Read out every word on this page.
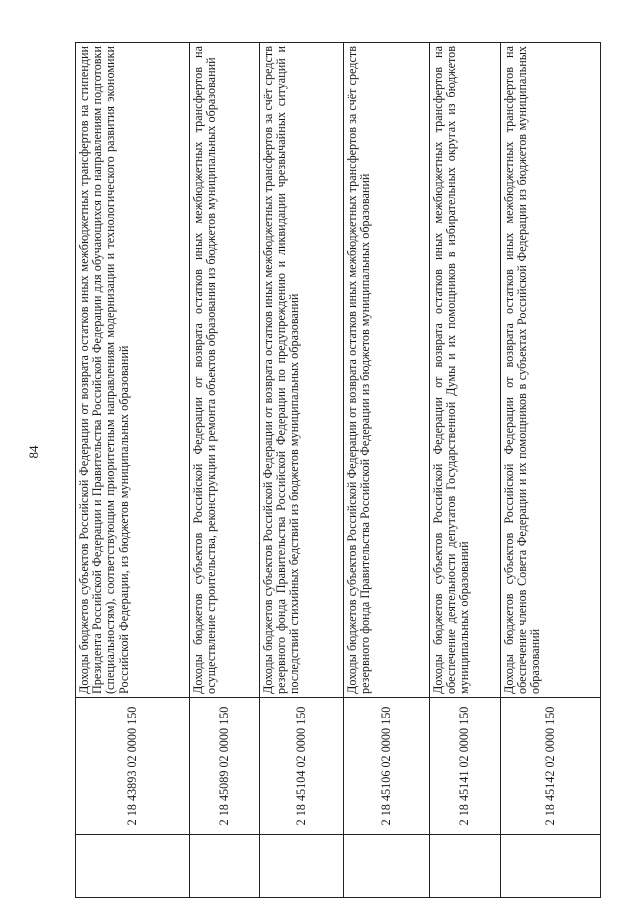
84
	2 18 43893 02 0000 150	Доходы бюджетов субъектов Российской Федерации от возврата остатков иных межбюджетных трансфертов на стипендии Президента Российской Федерации и Правительства Российской Федерации для обучающихся по направлениям подготовки (специальностям), соответствующим приоритетным направлениям модернизации и технологического развития экономики Российской Федерации, из бюджетов муниципальных образований
	2 18 45089 02 0000 150	Доходы бюджетов субъектов Российской Федерации от возврата остатков иных межбюджетных трансфертов на осуществление строительства, реконструкции и ремонта объектов образования из бюджетов муниципальных образований
	2 18 45104 02 0000 150	Доходы бюджетов субъектов Российской Федерации от возврата остатков иных межбюджетных трансфертов за счёт средств резервного фонда Правительства Российской Федерации по предупреждению и ликвидации чрезвычайных ситуаций и последствий стихийных бедствий из бюджетов муниципальных образований
	2 18 45106 02 0000 150	Доходы бюджетов субъектов Российской Федерации от возврата остатков иных межбюджетных трансфертов за счёт средств резервного фонда Правительства Российской Федерации из бюджетов муниципальных образований
	2 18 45141 02 0000 150	Доходы бюджетов субъектов Российской Федерации от возврата остатков иных межбюджетных трансфертов на обеспечение деятельности депутатов Государственной Думы и их помощников в избирательных округах из бюджетов муниципальных образований
	2 18 45142 02 0000 150	Доходы бюджетов субъектов Российской Федерации от возврата остатков иных межбюджетных трансфертов на обеспечение членов Совета Федерации и их помощников в субъектах Российской Федерации из бюджетов муниципальных образований
